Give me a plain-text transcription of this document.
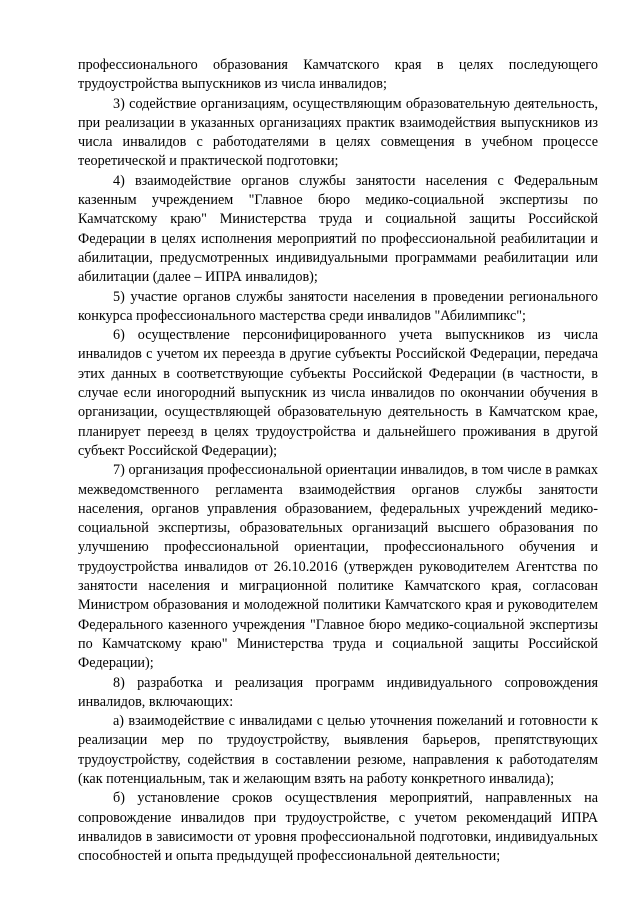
профессионального образования Камчатского края в целях последующего трудоустройства выпускников из числа инвалидов;

3) содействие организациям, осуществляющим образовательную деятельность, при реализации в указанных организациях практик взаимодействия выпускников из числа инвалидов с работодателями в целях совмещения в учебном процессе теоретической и практической подготовки;

4) взаимодействие органов службы занятости населения с Федеральным казенным учреждением "Главное бюро медико-социальной экспертизы по Камчатскому краю" Министерства труда и социальной защиты Российской Федерации в целях исполнения мероприятий по профессиональной реабилитации и абилитации, предусмотренных индивидуальными программами реабилитации или абилитации (далее – ИПРА инвалидов);

5) участие органов службы занятости населения в проведении регионального конкурса профессионального мастерства среди инвалидов "Абилимпикс";

6) осуществление персонифицированного учета выпускников из числа инвалидов с учетом их переезда в другие субъекты Российской Федерации, передача этих данных в соответствующие субъекты Российской Федерации (в частности, в случае если иногородний выпускник из числа инвалидов по окончании обучения в организации, осуществляющей образовательную деятельность в Камчатском крае, планирует переезд в целях трудоустройства и дальнейшего проживания в другой субъект Российской Федерации);

7) организация профессиональной ориентации инвалидов, в том числе в рамках межведомственного регламента взаимодействия органов службы занятости населения, органов управления образованием, федеральных учреждений медико-социальной экспертизы, образовательных организаций высшего образования по улучшению профессиональной ориентации, профессионального обучения и трудоустройства инвалидов от 26.10.2016 (утвержден руководителем Агентства по занятости населения и миграционной политике Камчатского края, согласован Министром образования и молодежной политики Камчатского края и руководителем Федерального казенного учреждения "Главное бюро медико-социальной экспертизы по Камчатскому краю" Министерства труда и социальной защиты Российской Федерации);

8) разработка и реализация программ индивидуального сопровождения инвалидов, включающих:

а) взаимодействие с инвалидами с целью уточнения пожеланий и готовности к реализации мер по трудоустройству, выявления барьеров, препятствующих трудоустройству, содействия в составлении резюме, направления к работодателям (как потенциальным, так и желающим взять на работу конкретного инвалида);

б) установление сроков осуществления мероприятий, направленных на сопровождение инвалидов при трудоустройстве, с учетом рекомендаций ИПРА инвалидов в зависимости от уровня профессиональной подготовки, индивидуальных способностей и опыта предыдущей профессиональной деятельности;
